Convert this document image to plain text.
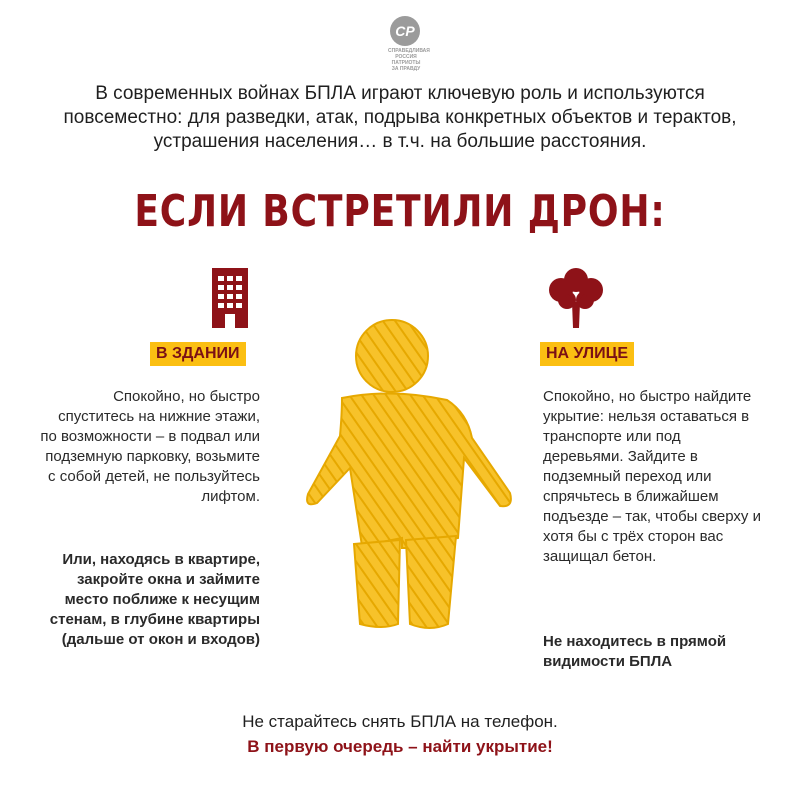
СР
СПРАВЕДЛИВАЯ
РОССИЯ
ПАТРИОТЫ
ЗА ПРАВДУ
В современных войнах БПЛА играют ключевую роль и используются повсеместно: для разведки, атак, подрыва конкретных объектов и терактов, устрашения населения… в т.ч. на большие расстояния.
ЕСЛИ ВСТРЕТИЛИ ДРОН:
В ЗДАНИИ	НА УЛИЦЕ
Спокойно, но быстро спуститесь на нижние этажи, по возможности – в подвал или подземную парковку, возьмите с собой детей, не пользуйтесь лифтом.
Или, находясь в квартире, закройте окна и займите место поближе к несущим стенам, в глубине квартиры (дальше от окон и входов)
Спокойно, но быстро найдите укрытие: нельзя оставаться в транспорте или под деревьями. Зайдите в подземный переход или спрячьтесь в ближайшем подъезде – так, чтобы сверху и хотя бы с трёх сторон вас защищал бетон.
Не находитесь в прямой видимости БПЛА
Не старайтесь снять БПЛА на телефон.
В первую очередь – найти укрытие!
